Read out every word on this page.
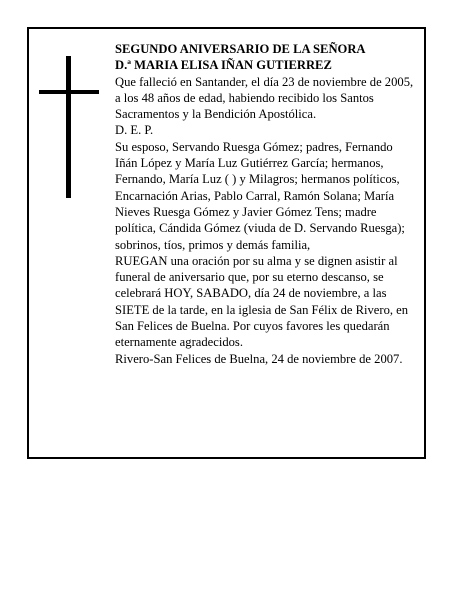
SEGUNDO ANIVERSARIO DE LA SEÑORA
D.ª MARIA ELISA IÑAN GUTIERREZ

Que falleció en Santander, el día 23 de noviembre de 2005, a los 48 años de edad, habiendo recibido los Santos Sacramentos y la Bendición Apostólica.

D. E. P.

Su esposo, Servando Ruesga Gómez; padres, Fernando Iñán López y María Luz Gutiérrez García; hermanos, Fernando, María Luz ( ) y Milagros; hermanos políticos, Encarnación Arias, Pablo Carral, Ramón Solana; María Nieves Ruesga Gómez y Javier Gómez Tens; madre política, Cándida Gómez (viuda de D. Servando Ruesga); sobrinos, tíos, primos y demás familia,

RUEGAN una oración por su alma y se dignen asistir al funeral de aniversario que, por su eterno descanso, se celebrará HOY, SABADO, día 24 de noviembre, a las SIETE de la tarde, en la iglesia de San Félix de Rivero, en San Felices de Buelna. Por cuyos favores les quedarán eternamente agradecidos.

Rivero-San Felices de Buelna, 24 de noviembre de 2007.
